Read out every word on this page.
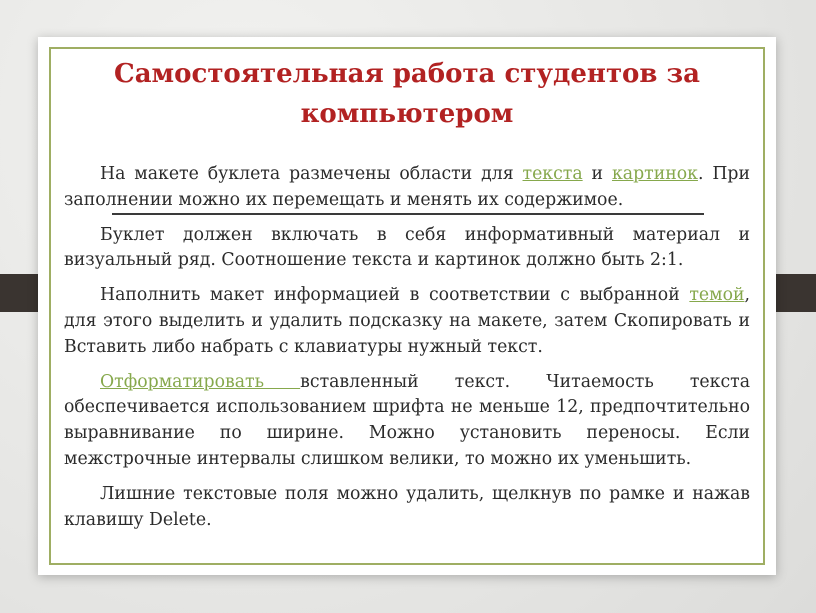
Самостоятельная работа студентов за
компьютером

На макете буклета размечены области для текста и картинок. При заполнении можно их перемещать и менять их содержимое.

Буклет должен включать в себя информативный материал и визуальный ряд. Соотношение текста и картинок должно быть 2:1.

Наполнить макет информацией в соответствии с выбранной темой, для этого выделить и удалить подсказку на макете, затем Скопировать и Вставить либо набрать с клавиатуры нужный текст.

Отформатировать вставленный текст. Читаемость текста обеспечивается использованием шрифта не меньше 12, предпочтительно выравнивание по ширине. Можно установить переносы. Если межстрочные интервалы слишком велики, то можно их уменьшить.

Лишние текстовые поля можно удалить, щелкнув по рамке и нажав клавишу Delete.
